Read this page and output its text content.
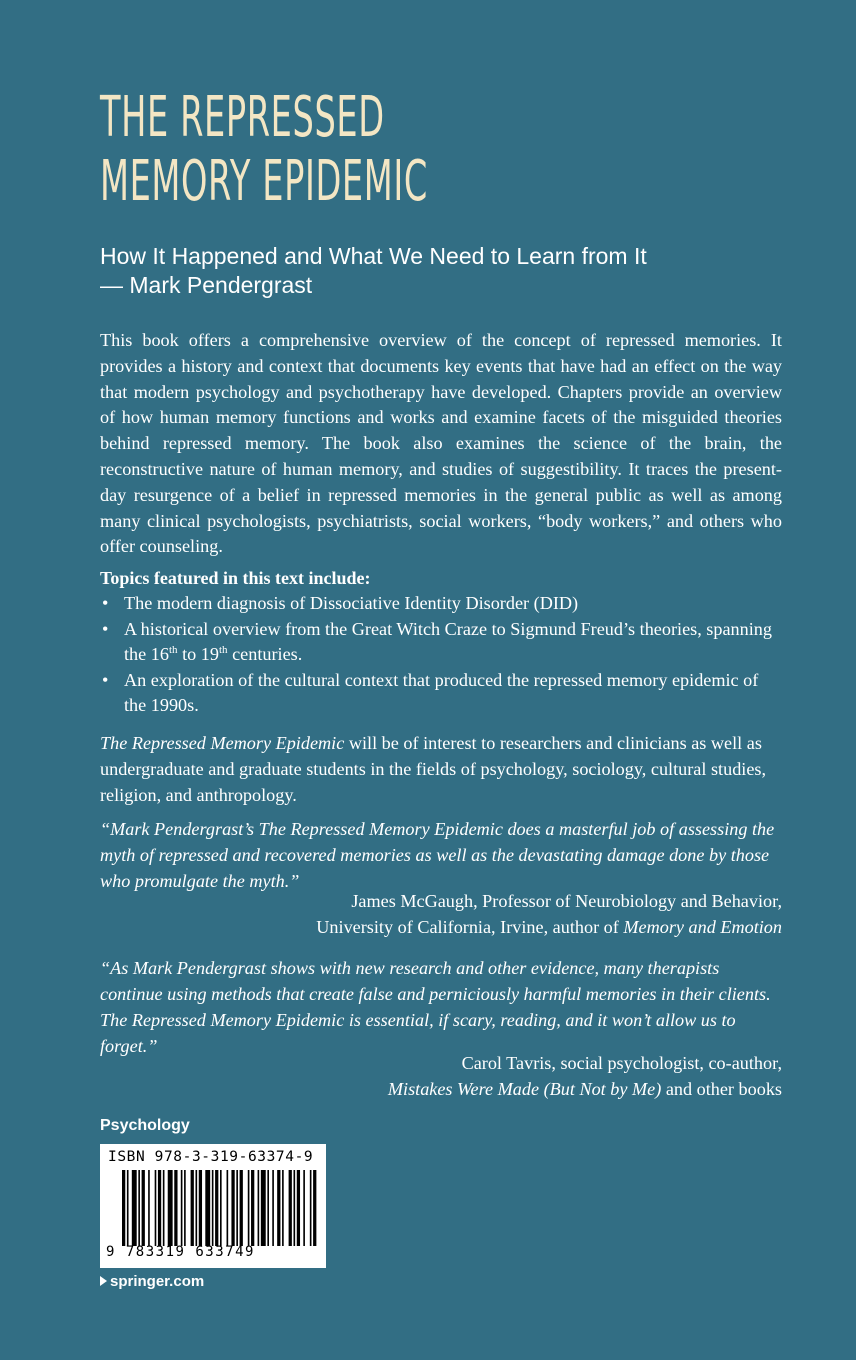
THE REPRESSED
MEMORY EPIDEMIC
How It Happened and What We Need to Learn from It
— Mark Pendergrast

This book offers a comprehensive overview of the concept of repressed memories. It provides a history and context that documents key events that have had an effect on the way that modern psychology and psychotherapy have developed. Chapters provide an overview of how human memory functions and works and examine facets of the misguided theories behind repressed memory. The book also examines the science of the brain, the reconstructive nature of human memory, and studies of suggestibility. It traces the present-day resurgence of a belief in repressed memories in the general public as well as among many clinical psychologists, psychiatrists, social workers, “body workers,” and others who offer counseling.

Topics featured in this text include:
• The modern diagnosis of Dissociative Identity Disorder (DID)
• A historical overview from the Great Witch Craze to Sigmund Freud’s theories, spanning the 16th to 19th centuries.
• An exploration of the cultural context that produced the repressed memory epidemic of the 1990s.

The Repressed Memory Epidemic will be of interest to researchers and clinicians as well as undergraduate and graduate students in the fields of psychology, sociology, cultural studies, religion, and anthropology.

“Mark Pendergrast’s The Repressed Memory Epidemic does a masterful job of assessing the myth of repressed and recovered memories as well as the devastating damage done by those who promulgate the myth.”
James McGaugh, Professor of Neurobiology and Behavior,
University of California, Irvine, author of Memory and Emotion
“As Mark Pendergrast shows with new research and other evidence, many therapists continue using methods that create false and perniciously harmful memories in their clients. The Repressed Memory Epidemic is essential, if scary, reading, and it won’t allow us to forget.”
Carol Tavris, social psychologist, co-author,
Mistakes Were Made (But Not by Me) and other books
Psychology
ISBN 978-3-319-63374-9
9 783319 633749
springer.com
